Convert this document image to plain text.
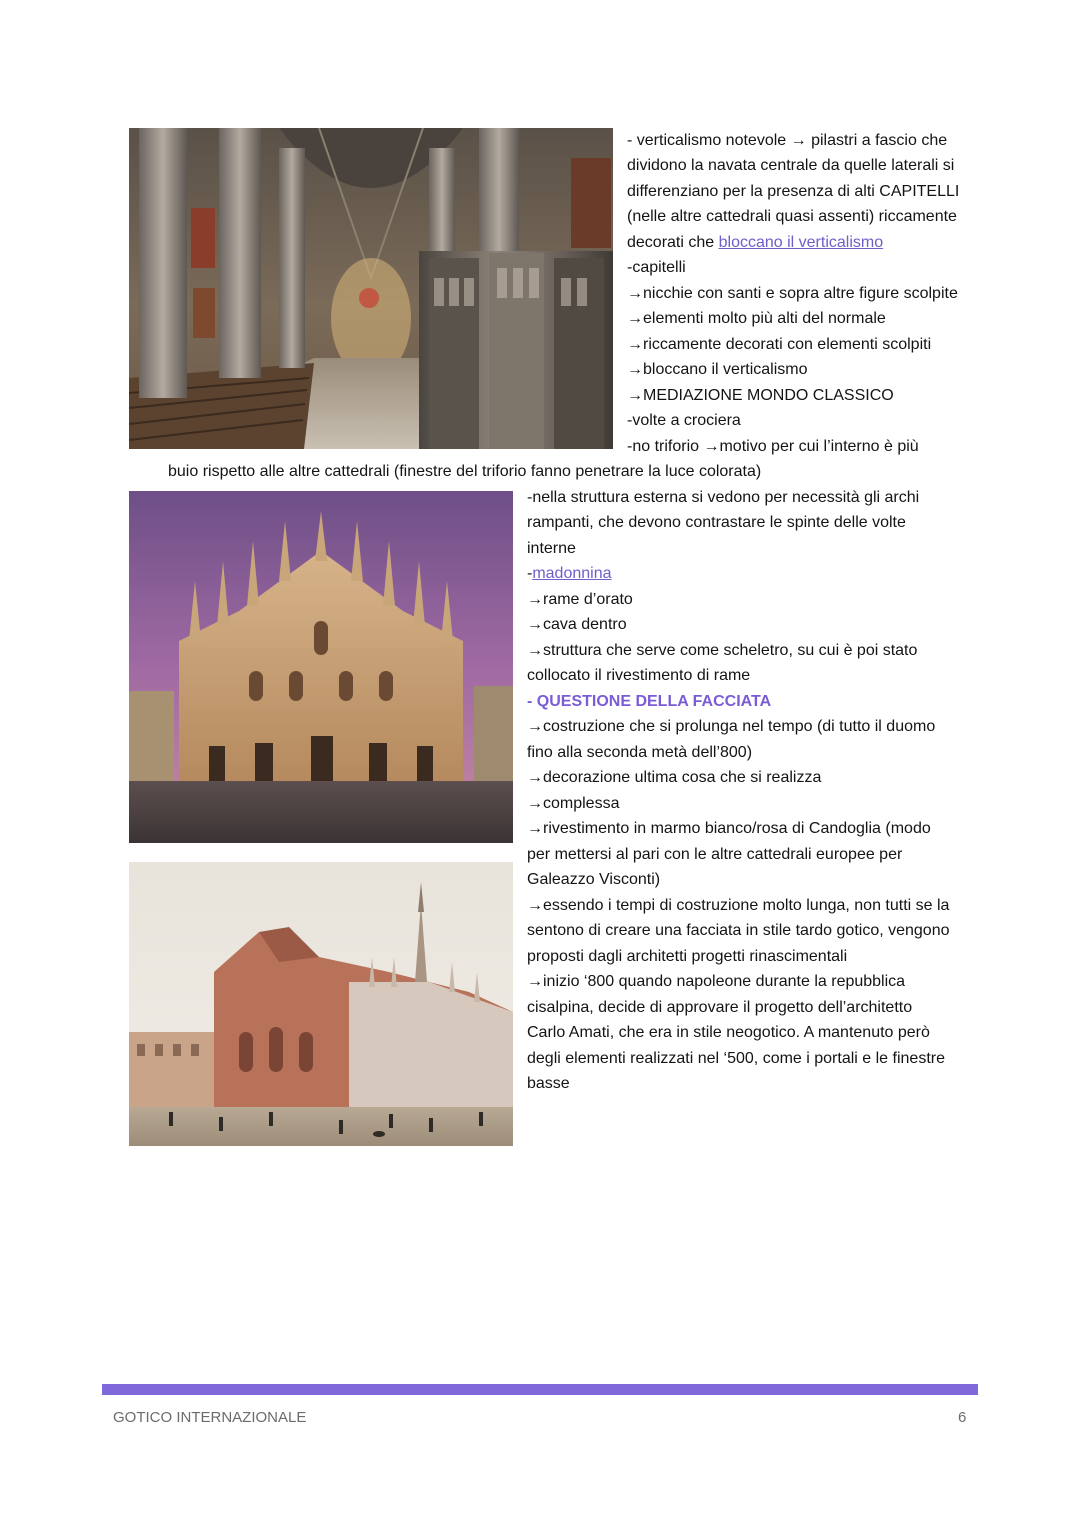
- verticalismo notevole → pilastri a fascio che
dividono la navata centrale da quelle laterali si
differenziano per la presenza di alti CAPITELLI
(nelle altre cattedrali quasi assenti) riccamente
decorati che bloccano il verticalismo
-capitelli
→nicchie con santi e sopra altre figure scolpite
→elementi molto più alti del normale
→riccamente decorati con elementi scolpiti
→bloccano il verticalismo
→MEDIAZIONE MONDO CLASSICO
-volte a crociera
-no triforio →motivo per cui l’interno è più
buio rispetto alle altre cattedrali (finestre del triforio fanno penetrare la luce colorata)
-nella struttura esterna si vedono per necessità gli archi
rampanti, che devono contrastare le spinte delle volte
interne
-madonnina
→rame d’orato
→cava dentro
→struttura che serve come scheletro, su cui è poi stato
collocato il rivestimento di rame
- QUESTIONE DELLA FACCIATA
→costruzione che si prolunga nel tempo (di tutto il duomo
fino alla seconda metà dell’800)
→decorazione ultima cosa che si realizza
→complessa
→rivestimento in marmo bianco/rosa di Candoglia (modo
per mettersi al pari con le altre cattedrali europee per
Galeazzo Visconti)
→essendo i tempi di costruzione molto lunga, non tutti se la
sentono di creare una facciata in stile tardo gotico, vengono
proposti dagli architetti progetti rinascimentali
→inizio ‘800 quando napoleone durante la repubblica
cisalpina, decide di approvare il progetto dell’architetto
Carlo Amati, che era in stile neogotico. A mantenuto però
degli elementi realizzati nel ‘500, come i portali e le finestre
basse
GOTICO INTERNAZIONALE	6
